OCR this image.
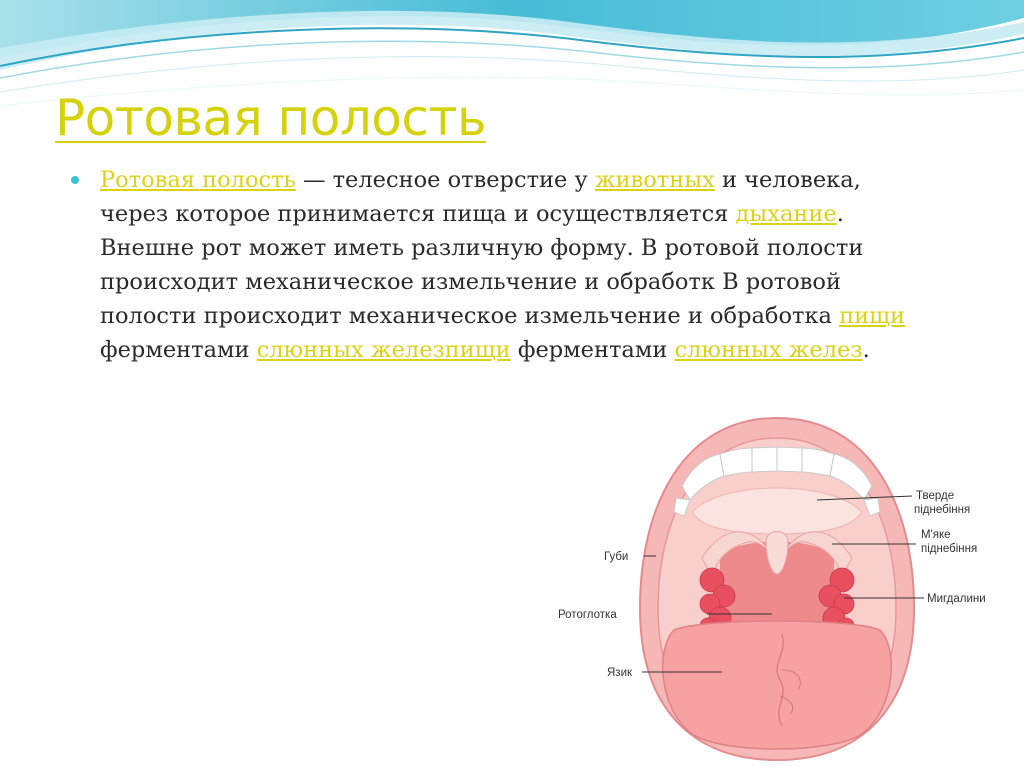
Ротовая полость

Ротовая полость — телесное отверстие у животных и человека, через которое принимается пища и осуществляется дыхание. Внешне рот может иметь различную форму. В ротовой полости происходит механическое измельчение и обработк В ротовой полости происходит механическое измельчение и обработка пищи ферментами слюнных железпищи ферментами слюнных желез.

Тверде
піднебіння
М'яке
піднебіння
Губи
Ротоглотка
Мигдалини
Язик
